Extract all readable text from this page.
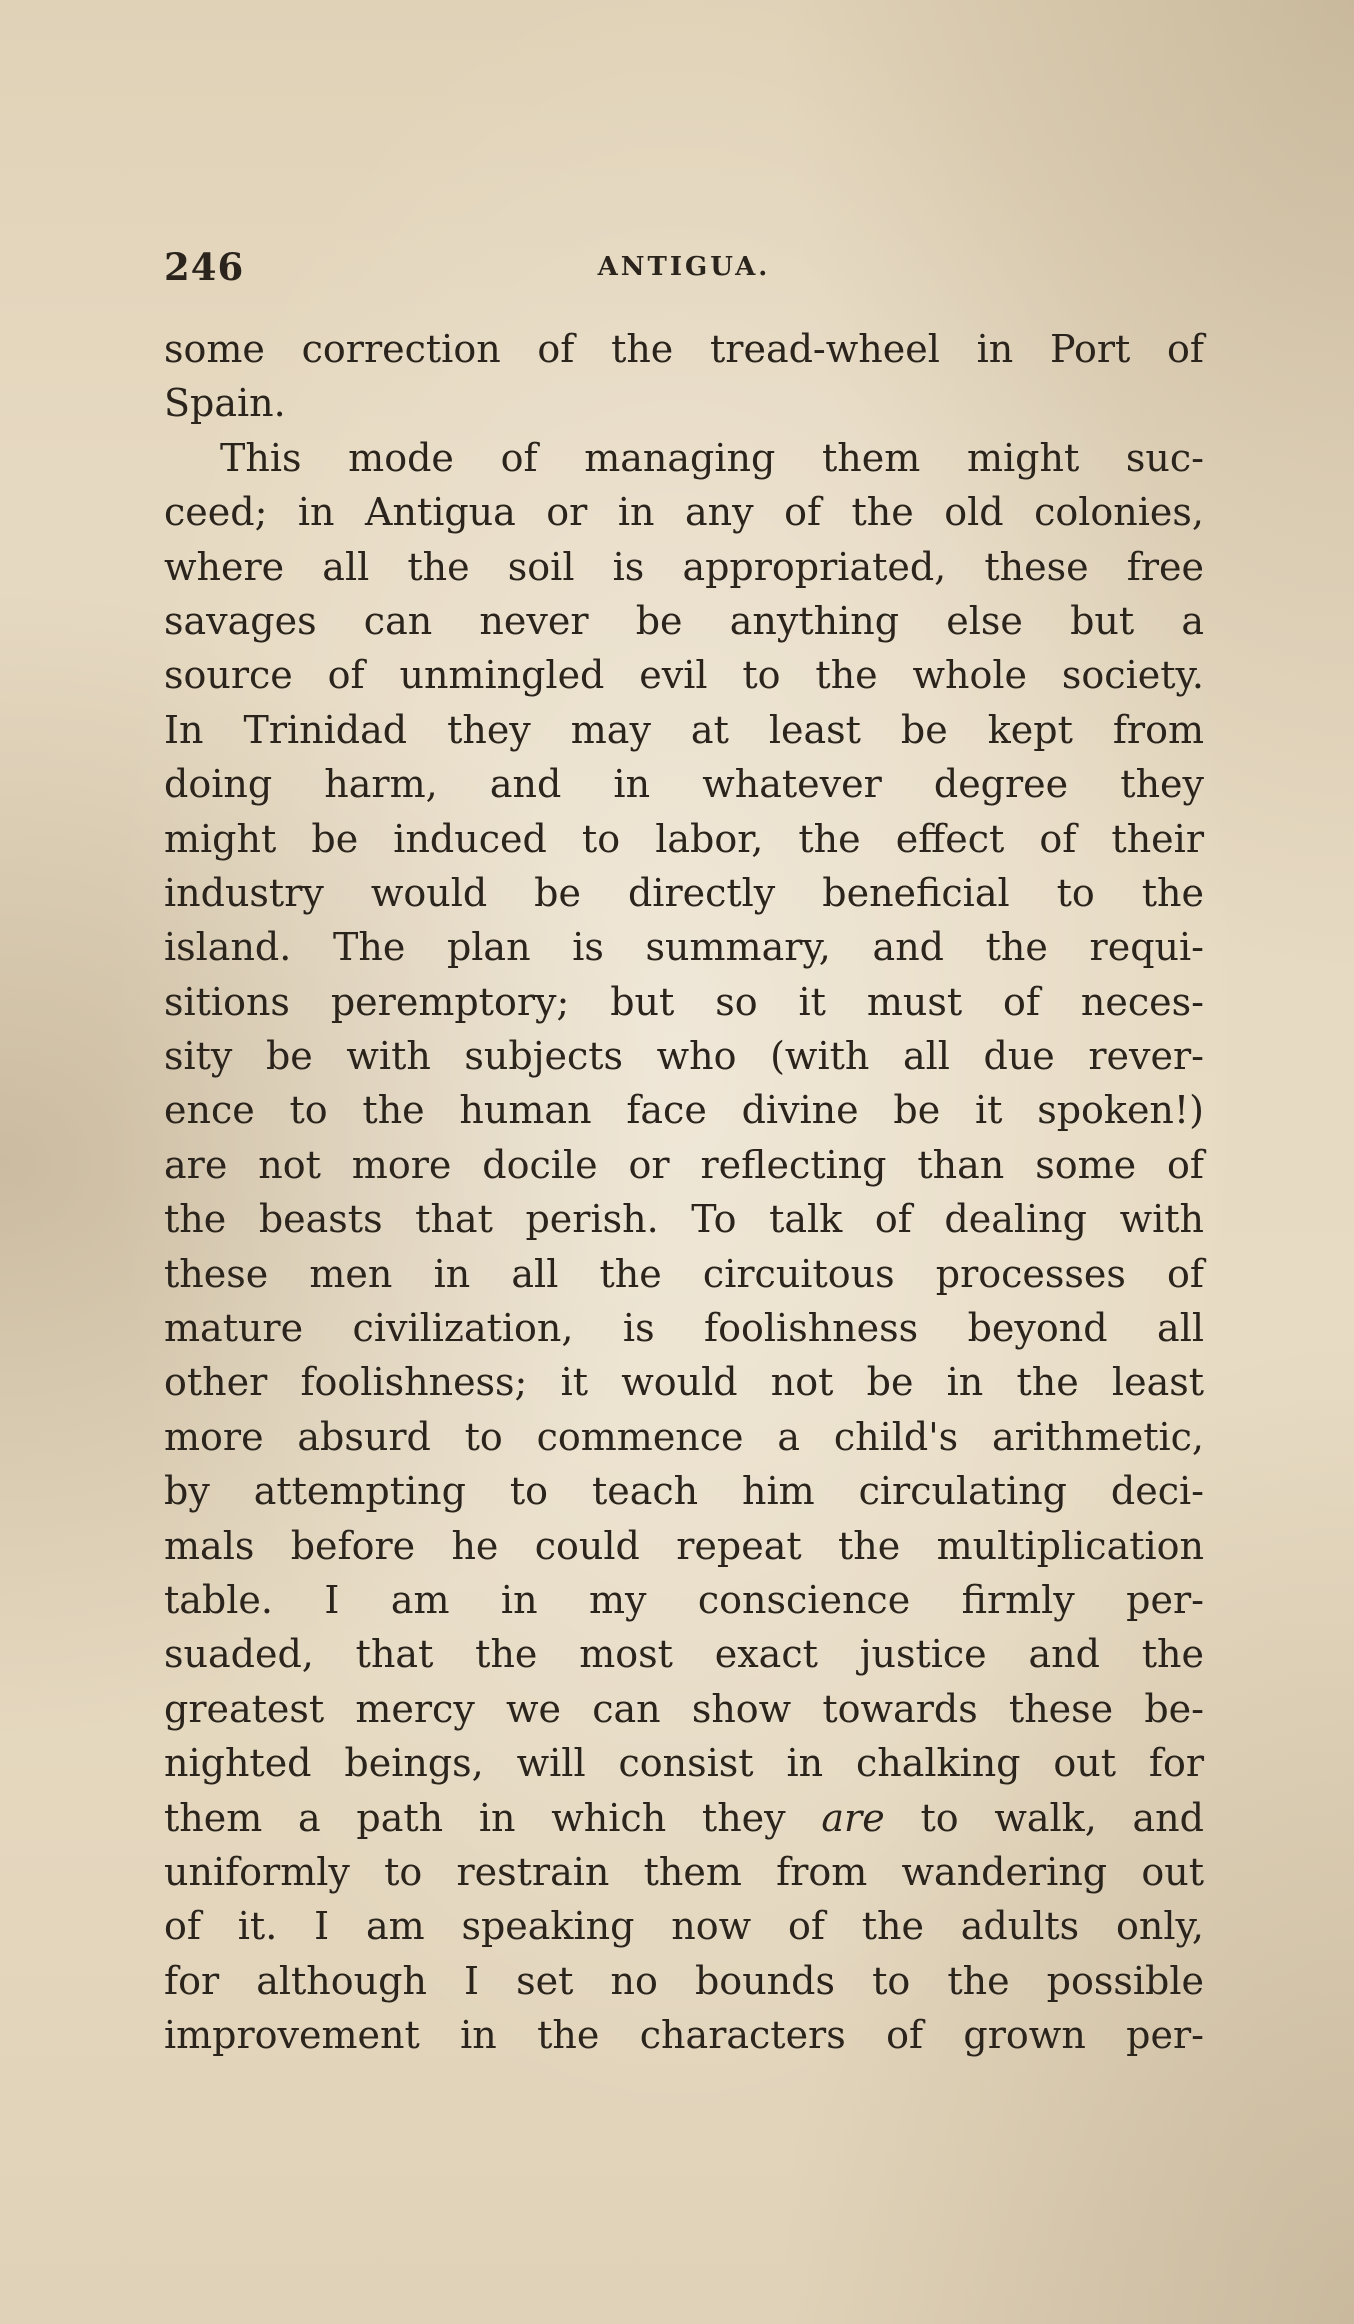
246	ANTIGUA.
some correction of the tread-wheel in Port of
Spain.
This mode of managing them might suc-
ceed; in Antigua or in any of the old colonies,
where all the soil is appropriated, these free
savages can never be anything else but a
source of unmingled evil to the whole society.
In Trinidad they may at least be kept from
doing harm, and in whatever degree they
might be induced to labor, the effect of their
industry would be directly beneficial to the
island. The plan is summary, and the requi-
sitions peremptory; but so it must of neces-
sity be with subjects who (with all due rever-
ence to the human face divine be it spoken!)
are not more docile or reflecting than some of
the beasts that perish. To talk of dealing with
these men in all the circuitous processes of
mature civilization, is foolishness beyond all
other foolishness; it would not be in the least
more absurd to commence a child's arithmetic,
by attempting to teach him circulating deci-
mals before he could repeat the multiplication
table. I am in my conscience firmly per-
suaded, that the most exact justice and the
greatest mercy we can show towards these be-
nighted beings, will consist in chalking out for
them a path in which they are to walk, and
uniformly to restrain them from wandering out
of it. I am speaking now of the adults only,
for although I set no bounds to the possible
improvement in the characters of grown per-
